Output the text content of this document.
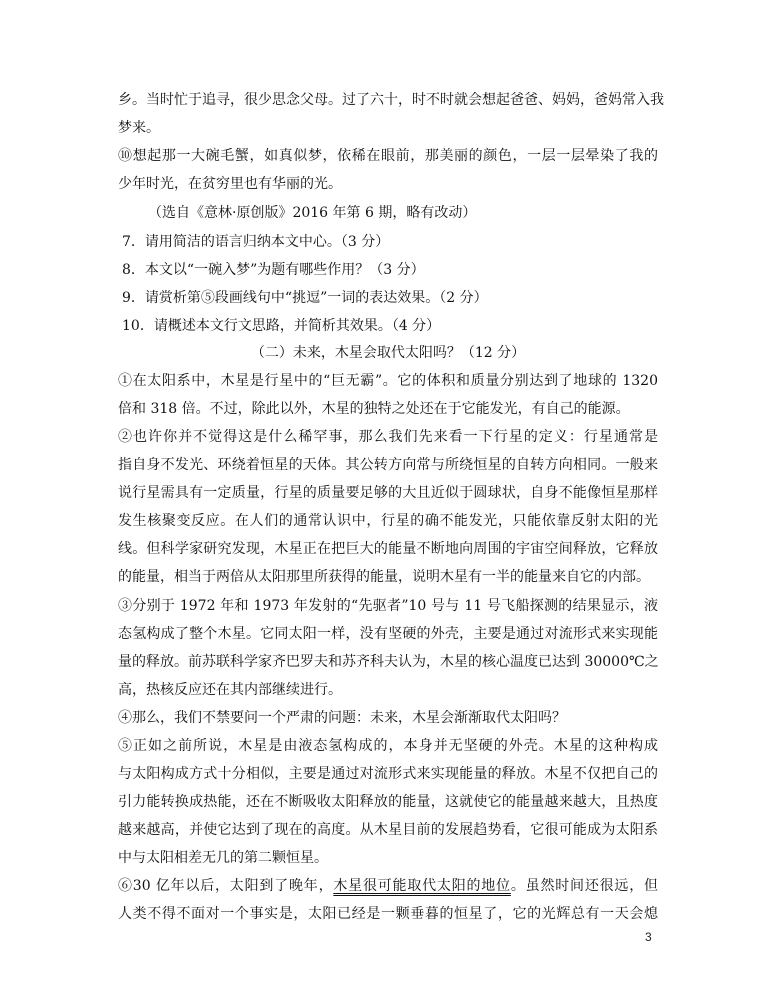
乡。当时忙于追寻，很少思念父母。过了六十，时不时就会想起爸爸、妈妈，爸妈常入我
梦来。
⑩想起那一大碗毛蟹，如真似梦，依稀在眼前，那美丽的颜色，一层一层晕染了我的
少年时光，在贫穷里也有华丽的光。
（选自《意林·原创版》2016 年第 6 期，略有改动）
7．请用简洁的语言归纳本文中心。（3 分）
8．本文以“一碗入梦”为题有哪些作用？（3 分）
9．请赏析第⑤段画线句中“挑逗”一词的表达效果。（2 分）
10．请概述本文行文思路，并简析其效果。（4 分）
（二）未来，木星会取代太阳吗？（12 分）
①在太阳系中，木星是行星中的“巨无霸”。它的体积和质量分别达到了地球的 1320
倍和 318 倍。不过，除此以外，木星的独特之处还在于它能发光，有自己的能源。
②也许你并不觉得这是什么稀罕事，那么我们先来看一下行星的定义：行星通常是
指自身不发光、环绕着恒星的天体。其公转方向常与所绕恒星的自转方向相同。一般来
说行星需具有一定质量，行星的质量要足够的大且近似于圆球状，自身不能像恒星那样
发生核聚变反应。在人们的通常认识中，行星的确不能发光，只能依靠反射太阳的光
线。但科学家研究发现，木星正在把巨大的能量不断地向周围的宇宙空间释放，它释放
的能量，相当于两倍从太阳那里所获得的能量，说明木星有一半的能量来自它的内部。
③分别于 1972 年和 1973 年发射的“先驱者”10 号与 11 号飞船探测的结果显示，液
态氢构成了整个木星。它同太阳一样，没有坚硬的外壳，主要是通过对流形式来实现能
量的释放。前苏联科学家齐巴罗夫和苏齐科夫认为，木星的核心温度已达到 30000℃之
高，热核反应还在其内部继续进行。
④那么，我们不禁要问一个严肃的问题：未来，木星会渐渐取代太阳吗？
⑤正如之前所说，木星是由液态氢构成的，本身并无坚硬的外壳。木星的这种构成
与太阳构成方式十分相似，主要是通过对流形式来实现能量的释放。木星不仅把自己的
引力能转换成热能，还在不断吸收太阳释放的能量，这就使它的能量越来越大，且热度
越来越高，并使它达到了现在的高度。从木星目前的发展趋势看，它很可能成为太阳系
中与太阳相差无几的第二颗恒星。
⑥30 亿年以后，太阳到了晚年，木星很可能取代太阳的地位。虽然时间还很远，但
人类不得不面对一个事实是，太阳已经是一颗垂暮的恒星了，它的光辉总有一天会熄
3
